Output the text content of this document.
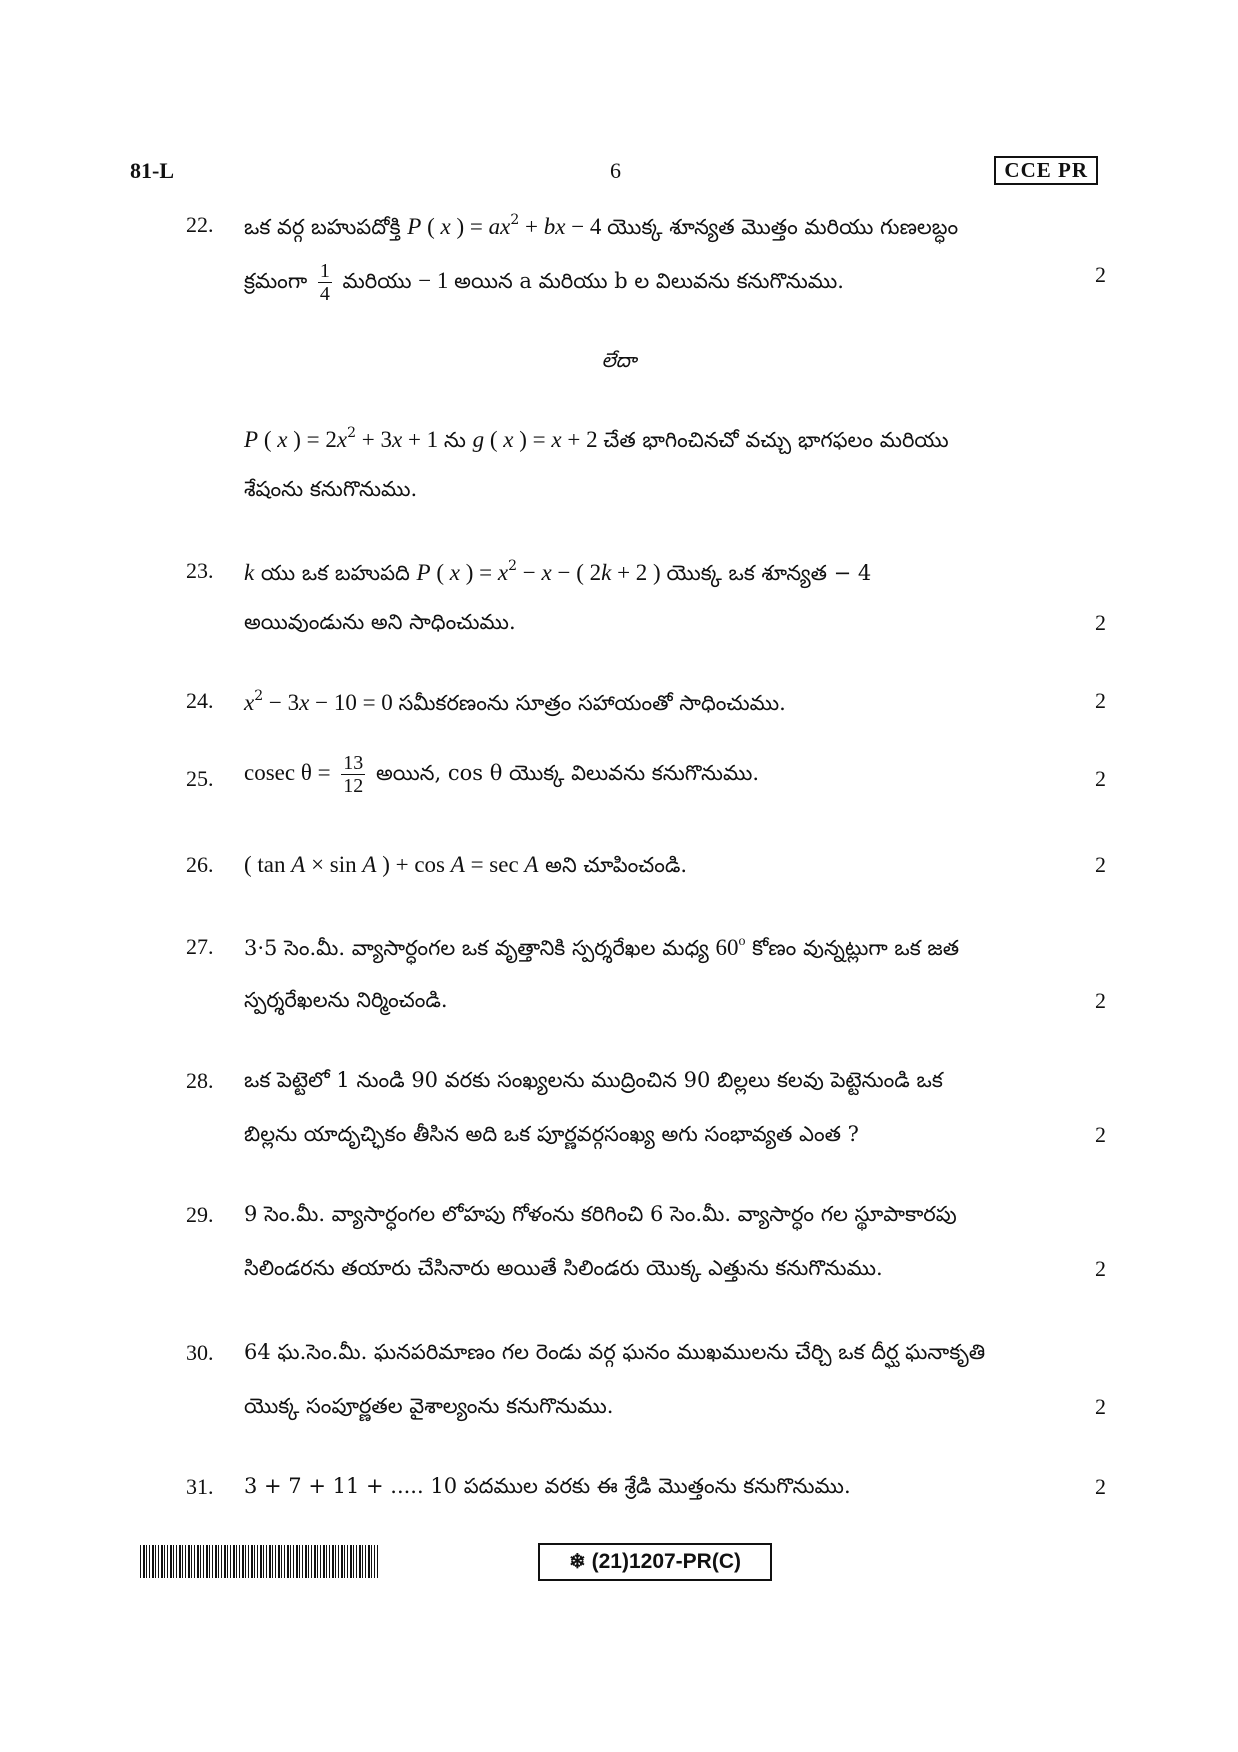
81-L	6	CCE PR
22. ఒక వర్గ బహుపదోక్తి P ( x ) = $ax^2$ + bx − 4 యొక్క శూన్యత మొత్తం మరియు గుణలబ్ధం
క్రమంగా $\frac{1}{4}$ మరియు − 1 అయిన a మరియు b ల విలువను కనుగొనుము.	2
లేదా
P ( x ) = $2x^2 + 3x + 1$ ను g ( x ) = x + 2 చేత భాగించినచో వచ్చు భాగఫలం మరియు
శేషంను కనుగొనుము.
23. k యు ఒక బహుపది P ( x ) = $x^2 - x$ − ( 2k + 2 ) యొక్క ఒక శూన్యత − 4
అయివుండును అని సాధించుము.	2
24. $x^2 - 3x - 10 = 0$ సమీకరణంను సూత్రం సహాయంతో సాధించుము.	2
25. cosec $\theta = \frac{13}{12}$ అయిన, cos θ యొక్క విలువను కనుగొనుము.	2
26. ( tan A × sin A ) + cos A = sec A అని చూపించండి.	2
27. 3·5 సెం.మీ. వ్యాసార్ధంగల ఒక వృత్తానికి స్పర్శరేఖల మధ్య 60$^o$ కోణం వున్నట్లుగా ఒక జత
స్పర్శరేఖలను నిర్మించండి.	2
28. ఒక పెట్టెలో 1 నుండి 90 వరకు సంఖ్యలను ముద్రించిన 90 బిల్లలు కలవు పెట్టెనుండి ఒక
బిల్లను యాదృచ్ఛికం తీసిన అది ఒక పూర్ణవర్గసంఖ్య అగు సంభావ్యత ఎంత ?	2
29. 9 సెం.మీ. వ్యాసార్ధంగల లోహపు గోళంను కరిగించి 6 సెం.మీ. వ్యాసార్ధం గల స్థూపాకారపు
సిలిండరను తయారు చేసినారు అయితే సిలిండరు యొక్క ఎత్తును కనుగొనుము.	2
30. 64 ఘ.సెం.మీ. ఘనపరిమాణం గల రెండు వర్గ ఘనం ముఖములను చేర్చి ఒక దీర్ఘ ఘనాకృతి
యొక్క సంపూర్ణతల వైశాల్యంను కనుగొనుము.	2
31. 3 + 7 + 11 + ..... 10 పదముల వరకు ఈ శ్రేడి మొత్తంను కనుగొనుము.	2
❄ (21)1207-PR(C)
